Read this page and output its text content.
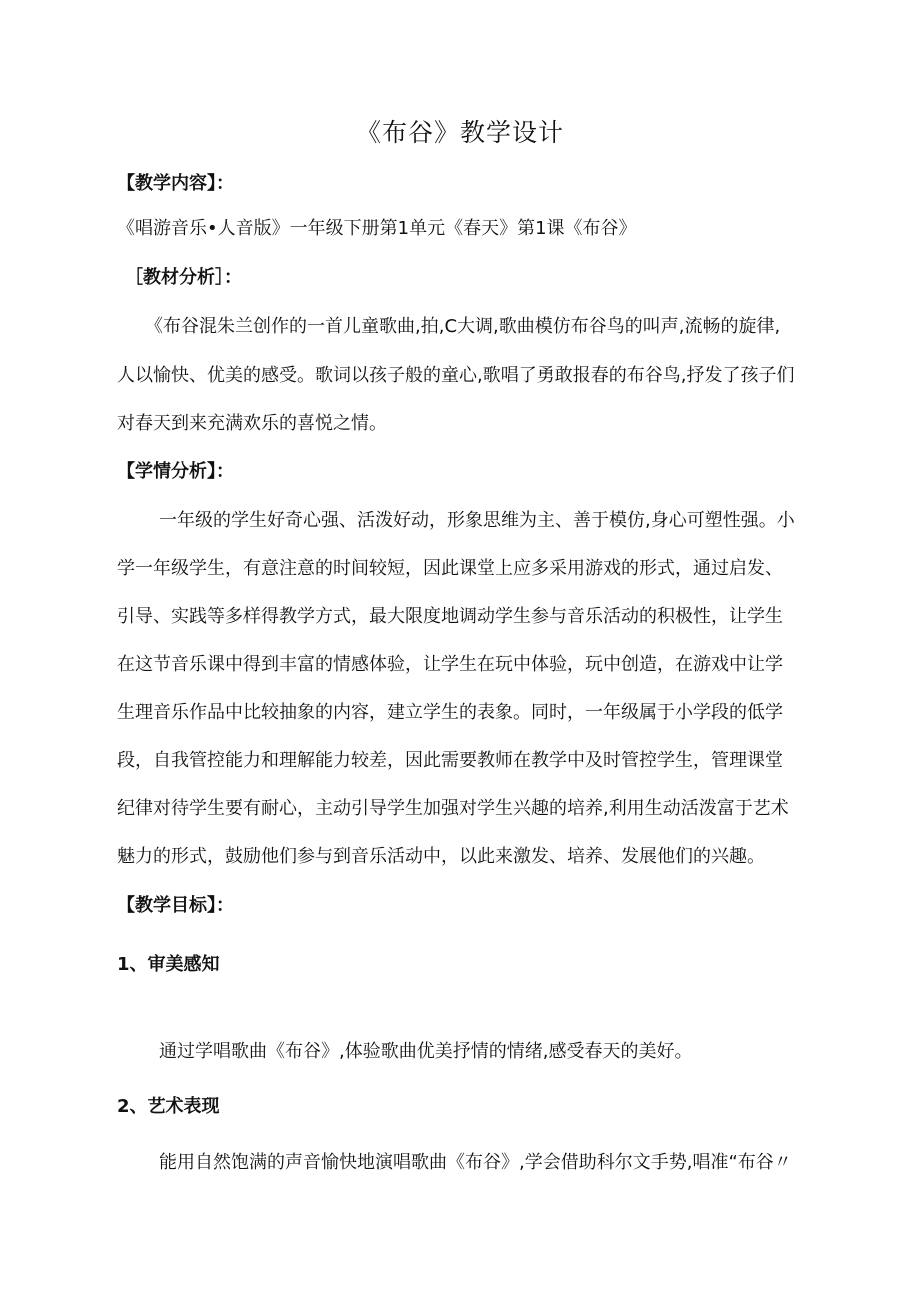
《布谷》教学设计
【教学内容】：
《唱游音乐•人音版》一年级下册第1单元《春天》第1课《布谷》
［教材分析］：
《布谷混朱兰创作的一首儿童歌曲,拍,C大调,歌曲模仿布谷鸟的叫声,流畅的旋律,
人以愉快、优美的感受。歌词以孩子般的童心,歌唱了勇敢报春的布谷鸟,抒发了孩子们
对春天到来充满欢乐的喜悦之情。
【学情分析】：
一年级的学生好奇心强、活泼好动，形象思维为主、善于模仿,身心可塑性强。小
学一年级学生，有意注意的时间较短，因此课堂上应多采用游戏的形式，通过启发、
引导、实践等多样得教学方式，最大限度地调动学生参与音乐活动的积极性，让学生
在这节音乐课中得到丰富的情感体验，让学生在玩中体验，玩中创造，在游戏中让学
生理音乐作品中比较抽象的内容，建立学生的表象。同时，一年级属于小学段的低学
段，自我管控能力和理解能力较差，因此需要教师在教学中及时管控学生，管理课堂
纪律对待学生要有耐心，主动引导学生加强对学生兴趣的培养,利用生动活泼富于艺术
魅力的形式，鼓励他们参与到音乐活动中，以此来激发、培养、发展他们的兴趣。
【教学目标】：
1、审美感知
通过学唱歌曲《布谷》,体验歌曲优美抒情的情绪,感受春天的美好。
2、艺术表现
能用自然饱满的声音愉快地演唱歌曲《布谷》,学会借助科尔文手势,唱准“布谷〃
